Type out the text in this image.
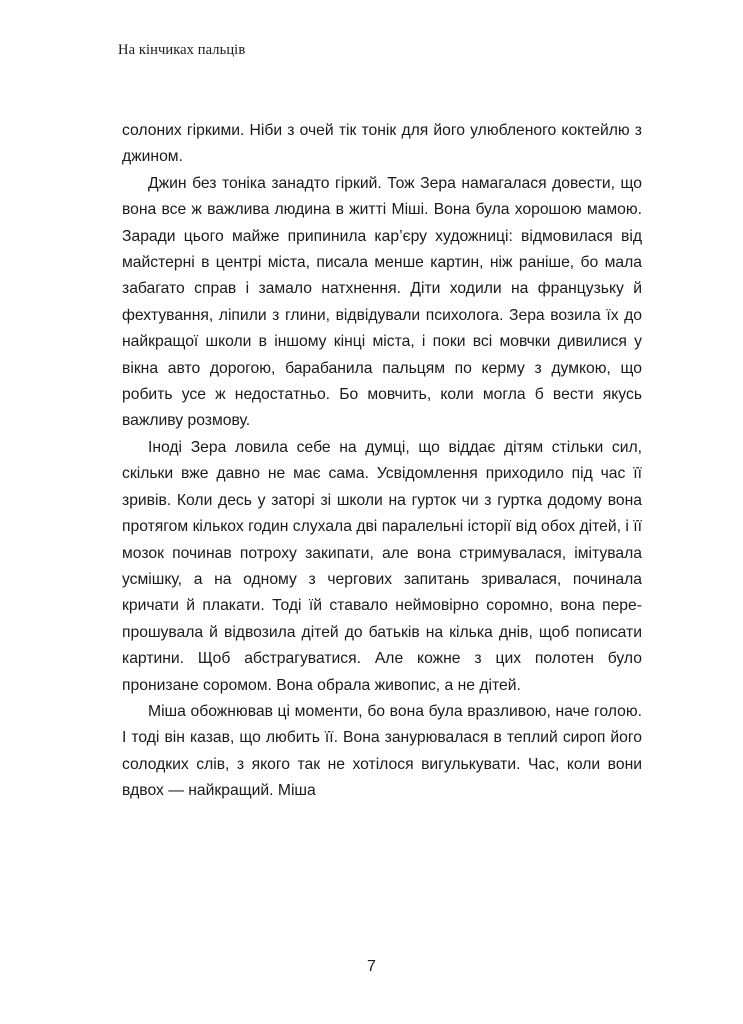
На кінчиках пальців

солоних гіркими. Ніби з очей тік тонік для його улюбленого коктейлю з джином.

Джин без тоніка занадто гіркий. Тож Зера намагалася довести, що вона все ж важлива людина в житті Міші. Вона була хорошою мамою. Заради цього майже припинила кар’єру художниці: відмовилася від майстерні в центрі міста, писала менше картин, ніж раніше, бо мала забагато справ і замало натхнення. Діти ходили на французьку й фехтування, ліпили з глини, відвідували психолога. Зера возила їх до найкращої школи в іншому кінці міста, і поки всі мовчки дивилися у вікна авто дорогою, барабанила пальцям по керму з думкою, що робить усе ж недостатньо. Бо мовчить, коли могла б вести якусь важливу розмову.

Іноді Зера ловила себе на думці, що віддає дітям стільки сил, скільки вже давно не має сама. Усвідомлення приходило під час її зривів. Коли десь у заторі зі школи на гурток чи з гуртка додому вона протягом кількох годин слухала дві паралельні історії від обох дітей, і її мозок починав потроху закипати, але вона стримувалася, імітувала усмішку, а на одному з чергових запитань зривалася, починала кричати й плакати. Тоді їй ставало неймовірно соромно, вона перепрошувала й відвозила дітей до батьків на кілька днів, щоб пописати картини. Щоб абстрагуватися. Але кожне з цих полотен було пронизане соромом. Вона обрала живопис, а не дітей.

Міша обожнював ці моменти, бо вона була вразливою, наче голою. І тоді він казав, що любить її. Вона занурювалася в теплий сироп його солодких слів, з якого так не хотілося вигулькувати. Час, коли вони вдвох — найкращий. Міша

7
